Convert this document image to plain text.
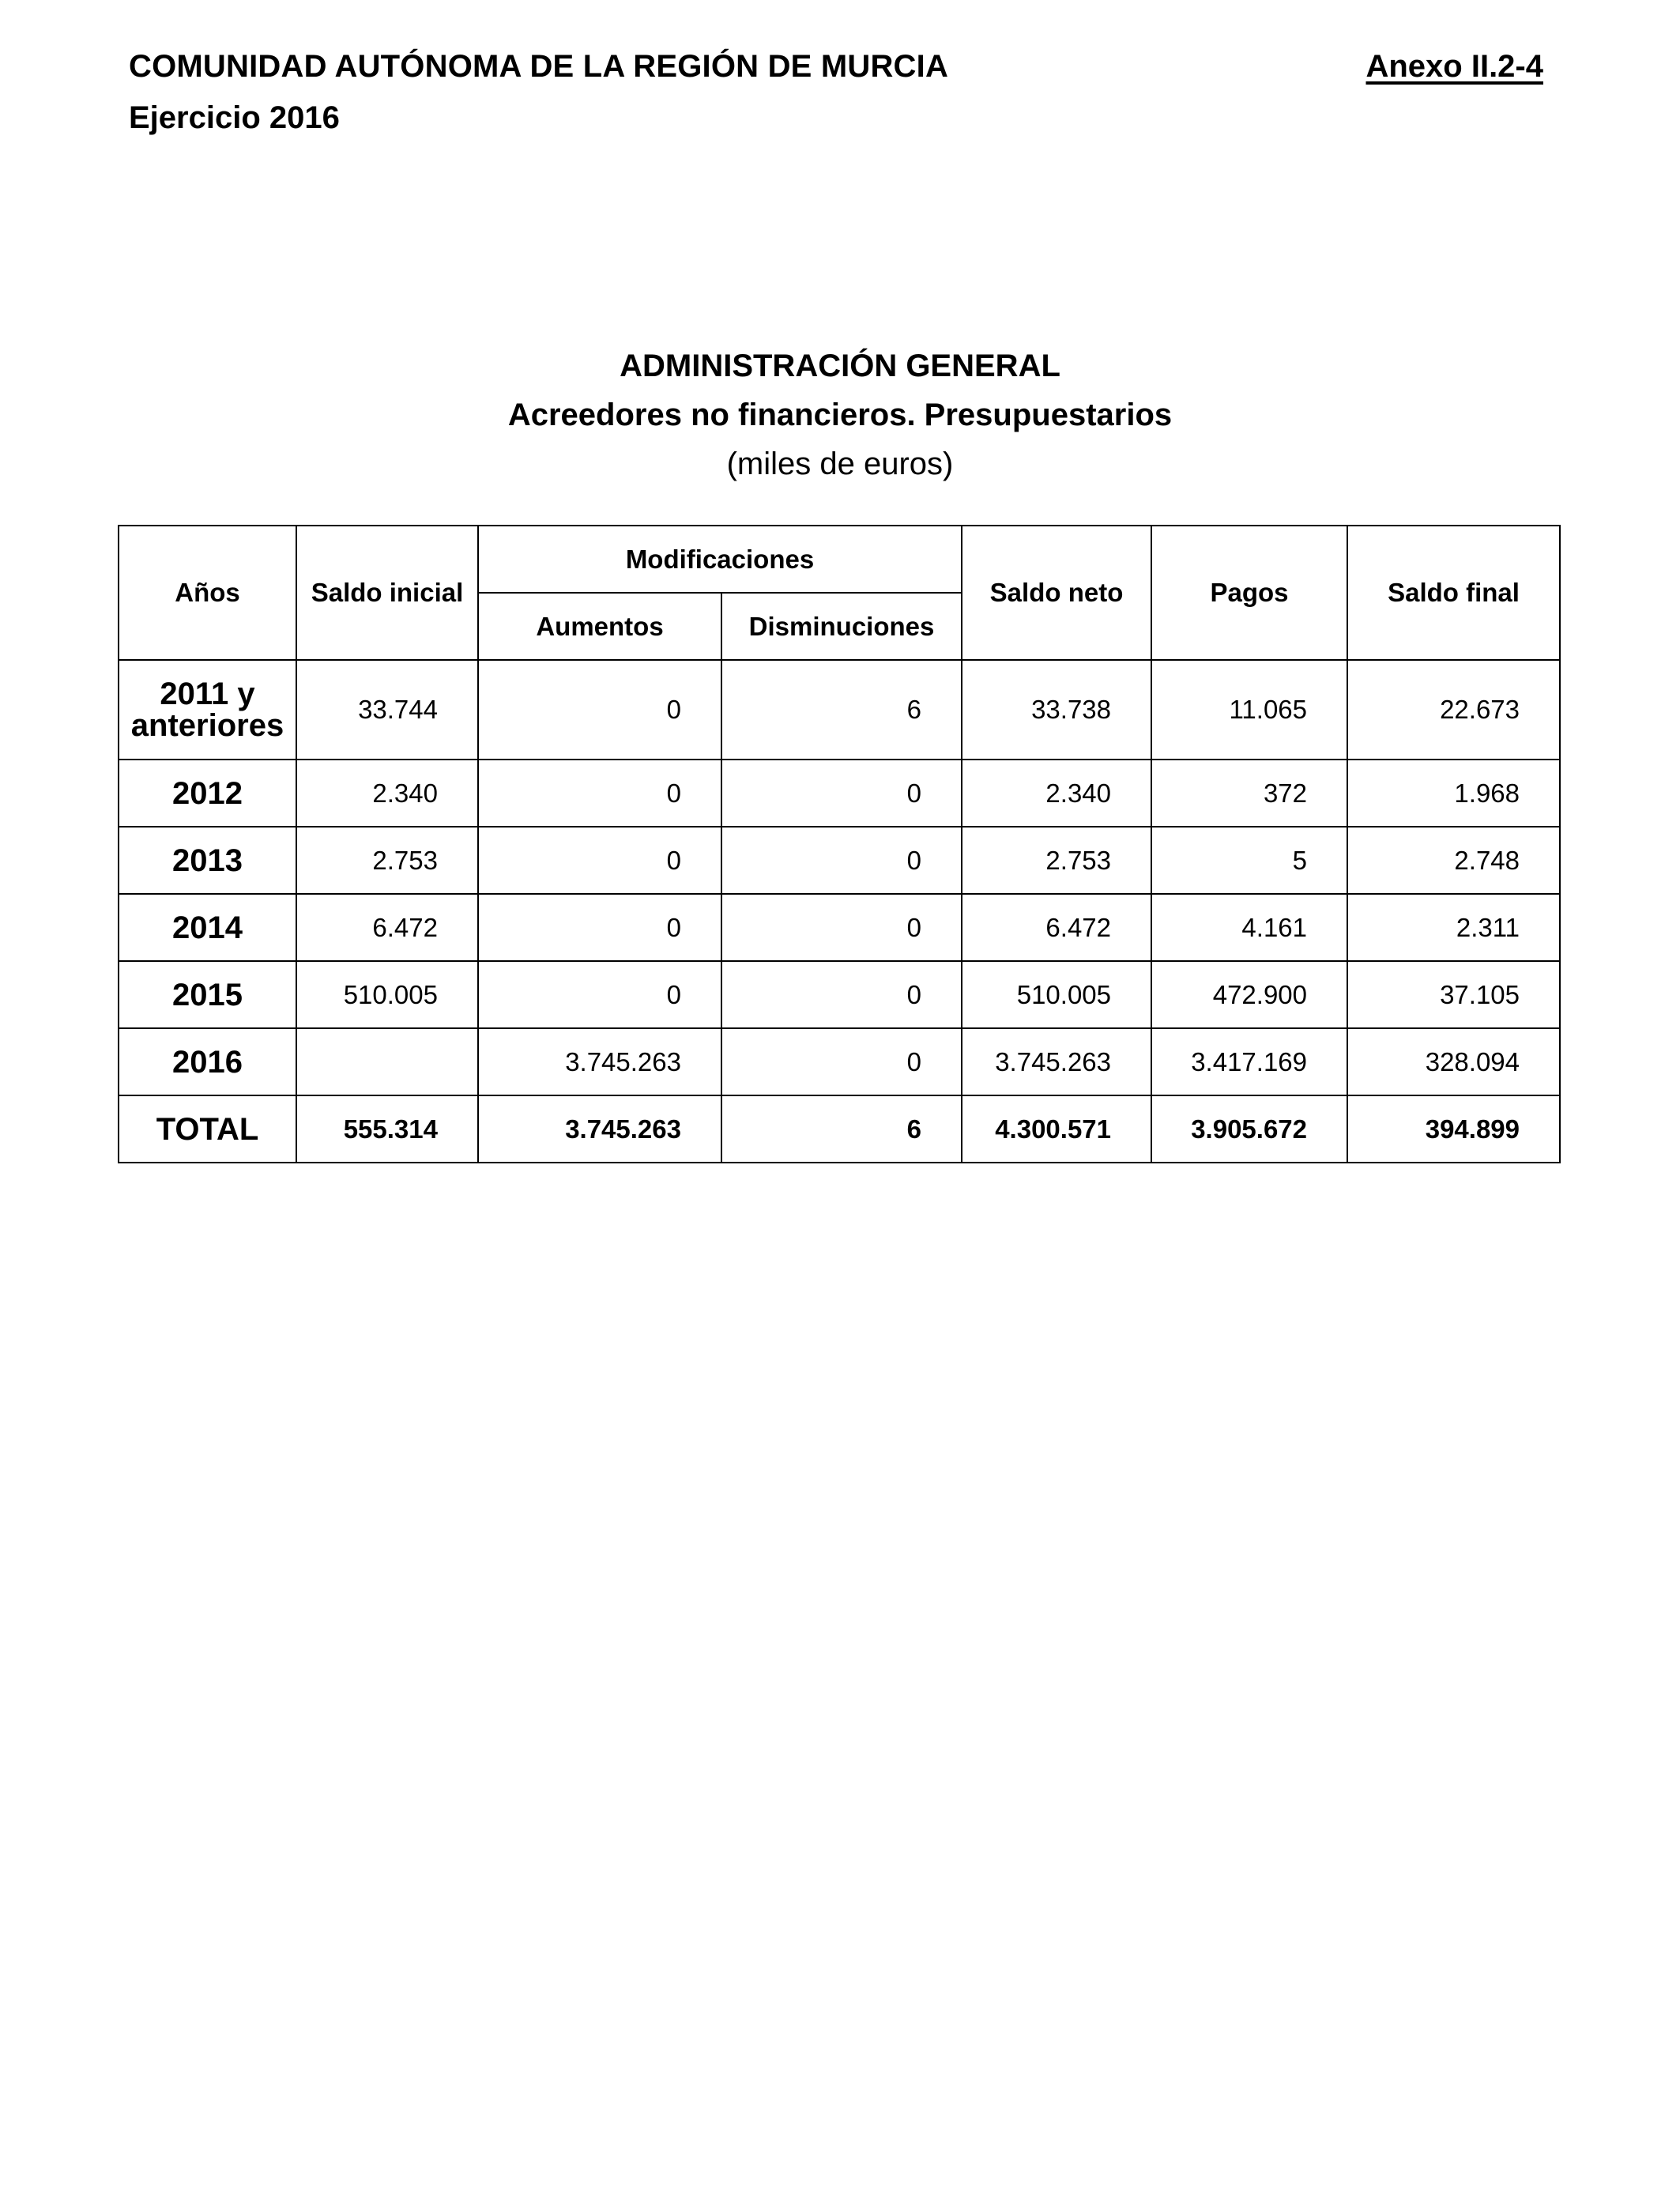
COMUNIDAD AUTÓNOMA DE LA REGIÓN DE MURCIA	Anexo II.2-4
Ejercicio 2016
ADMINISTRACIÓN GENERAL
Acreedores no financieros. Presupuestarios
(miles de euros)
Años	Saldo inicial	Modificaciones		Saldo neto	Pagos	Saldo final
		Aumentos	Disminuciones			
2011 y anteriores	33.744	0	6	33.738	11.065	22.673
2012	2.340	0	0	2.340	372	1.968
2013	2.753	0	0	2.753	5	2.748
2014	6.472	0	0	6.472	4.161	2.311
2015	510.005	0	0	510.005	472.900	37.105
2016		3.745.263	0	3.745.263	3.417.169	328.094
TOTAL	555.314	3.745.263	6	4.300.571	3.905.672	394.899
